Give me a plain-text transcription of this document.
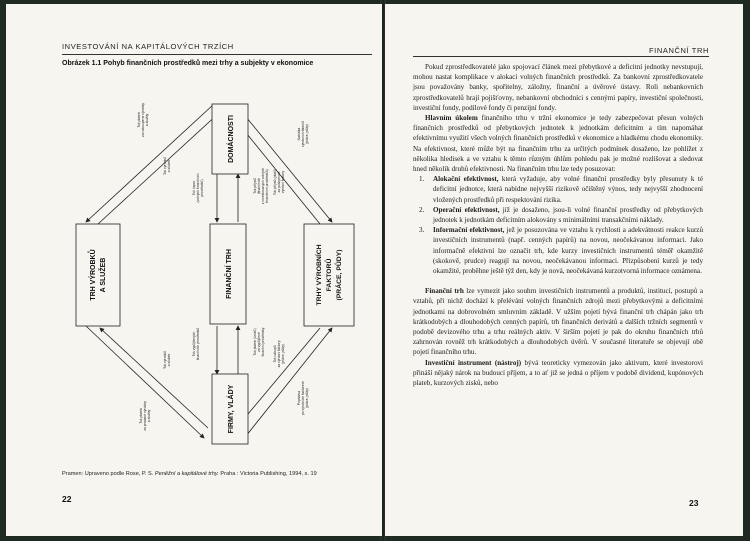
INVESTOVÁNÍ NA KAPITÁLOVÝCH TRZÍCH
Obrázek 1.1 Pohyb finančních prostředků mezi trhy a subjekty v ekonomice
DOMÁCNOSTI
FIRMY, VLÁDY
FINANČNÍ TRH
TRH VÝROBKŮ A SLUŽEB	TRHY VÝROBNÍCH FAKTORŮ (PRÁCE, PŮDY)
Tok platebza nakoupené výrobkya služby
Tok výrobkůa služeb
Nabídkavýrobních faktorů(práce, půdy)
Tok příjmů (platů)za poskytnutévýrobní faktory
Tok úspor(volných finančníchprostředků)	Tok příjmů(finančníchz investovaných volnýchfinančních prostředků)
Tok výrobkůa služeb
Tok platebza prodané výrobkya služby
Tok nákupůza výrobní faktory(práce, půdy)
Poptávkapo výrobních faktorech(práce, půdy)
Tok vypůjčenýchfinančních prostředků	Tok plateb (úroků)za vypůjčenéfinanční prostředky
Pramen: Upraveno podle Rose, P. S. Peněžní a kapitálové trhy. Praha : Victoria Publishing, 1994, s. 19
22
FINANČNÍ TRH

Pokud zprostředkovatelé jako spojovací článek mezi přebytkové a deficitní jednotky nevstupují, mohou nastat komplikace v alokaci volných finančních prostředků. Za bankovní zprostředkovatele jsou považovány banky, spořitelny, záložny, finanční a úvěrové ústavy. Roli nebankovních zprostředkovatelů hrají pojišťovny, nebankovní obchodníci s cennými papíry, investiční společnosti, investiční fondy, podílové fondy či penzijní fondy.

Hlavním úkolem finančního trhu v tržní ekonomice je tedy zabezpečovat přesun volných finančních prostředků od přebytkových jednotek k jednotkám deficitním a tím napomáhat efektivnímu využití všech volných finančních prostředků v ekonomice a hladkému chodu ekonomiky. Na efektivnost, které může být na finančním trhu za určitých podmínek dosaženo, lze pohlížet z několika hledisek a ve vztahu k těmto různým úhlům pohledu pak je možné rozlišovat a sledovat hned několik druhů efektivnosti. Na finančním trhu lze tedy posuzovat:

1. Alokační efektivnost, která vyžaduje, aby volné finanční prostředky byly přesunuty k té deficitní jednotce, která nabídne nejvyšší rizikově očištěný výnos, tedy nejvyšší zhodnocení vložených prostředků při respektování rizika.
2. Operační efektivnost, jíž je dosaženo, jsou-li volné finanční prostředky od přebytkových jednotek k jednotkám deficitním alokovány s minimálními transakčními náklady.
3. Informační efektivnost, jež je posuzována ve vztahu k rychlosti a adekvátnosti reakce kurzů investičních instrumentů (např. cenných papírů) na novou, neočekávanou informaci. Jako informačně efektivní lze označit trh, kde kurzy investičních instrumentů téměř okamžitě (skokově, prudce) reagují na novou, neočekávanou informaci. Přizpůsobení kurzů je tedy okamžité, proběhne ještě týž den, kdy je nová, neočekávaná kurzotvorná informace oznámena.

Finanční trh lze vymezit jako souhrn investičních instrumentů a produktů, institucí, postupů a vztahů, při nichž dochází k přelévání volných finančních zdrojů mezi přebytkovými a deficitními jednotkami na dobrovolném smluvním základě. V užším pojetí bývá finanční trh chápán jako trh krátkodobých a dlouhodobých cenných papírů, trh finančních derivátů a dalších tržních segmentů v podobě devizového trhu a trhu reálných aktiv. V širším pojetí je pak do okruhu finančních trhů zahrnován rovněž trh krátkodobých a dlouhodobých úvěrů. V současné literatuře se objevují obě pojetí finančního trhu.

Investiční instrument (nástroj) bývá teoreticky vymezován jako aktivum, které investorovi přináší nějaký nárok na budoucí příjem, a to ať již se jedná o příjem v podobě dividend, kupónových plateb, kurzových zisků, nebo

23
